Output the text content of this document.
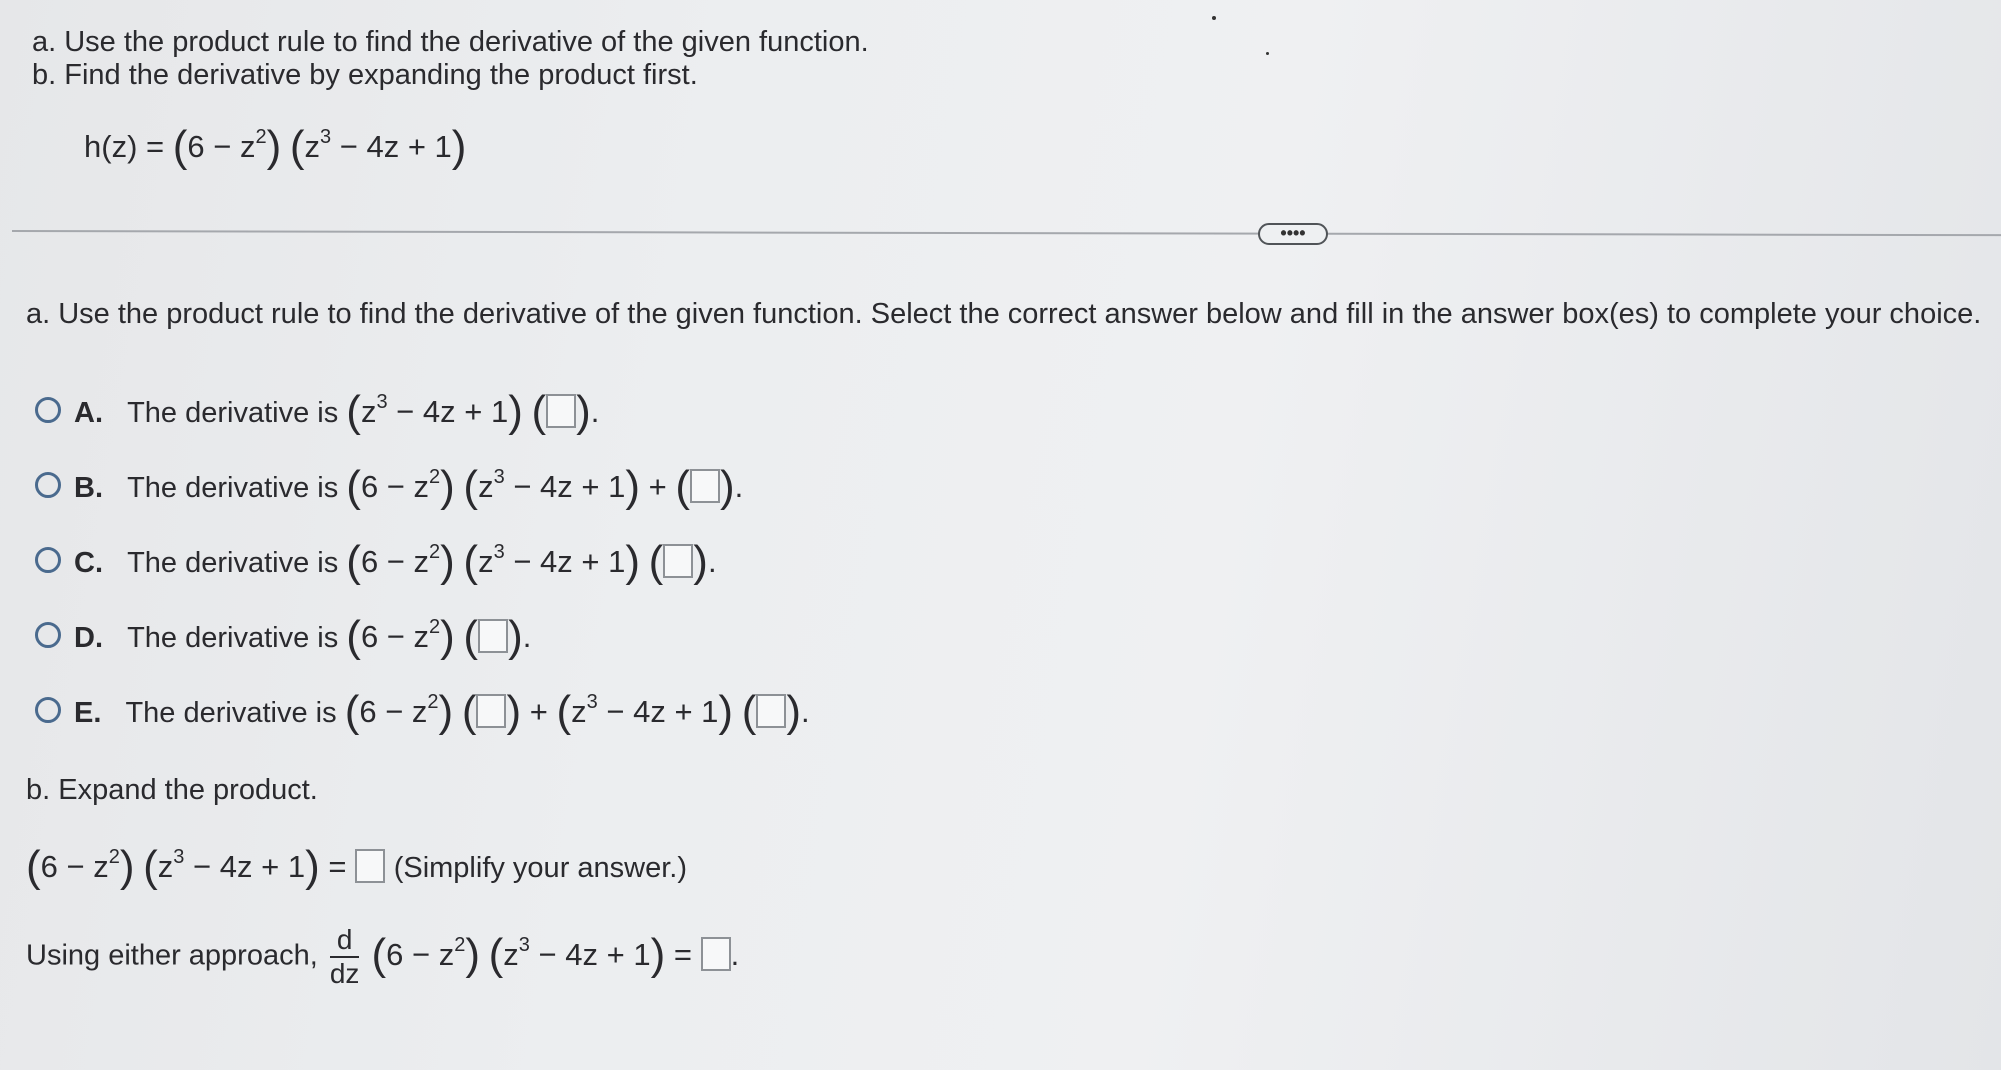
a. Use the product rule to find the derivative of the given function.
b. Find the derivative by expanding the product first.
$h(z) = (6 - z^2)$ $(z^3 - 4z + 1)$
••••
a. Use the product rule to find the derivative of the given function. Select the correct answer below and fill in the answer box(es) to complete your choice.
A. The derivative is $(z^3 - 4z + 1)$ ( ).
B. The derivative is $(6 - z^2)$ $(z^3 - 4z + 1)$ + ( ).
C. The derivative is $(6 - z^2)$ $(z^3 - 4z + 1)$ ( ).
D. The derivative is $(6 - z^2)$ ( ).
E. The derivative is $(6 - z^2)$ ( ) + $(z^3 - 4z + 1)$ ( ).
b. Expand the product.
$(6 - z^2)$ $(z^3 - 4z + 1)$ = (Simplify your answer.)
Using either approach, $\frac{d}{dz} (6 - z^2) (z^3 - 4z + 1)$ = .
